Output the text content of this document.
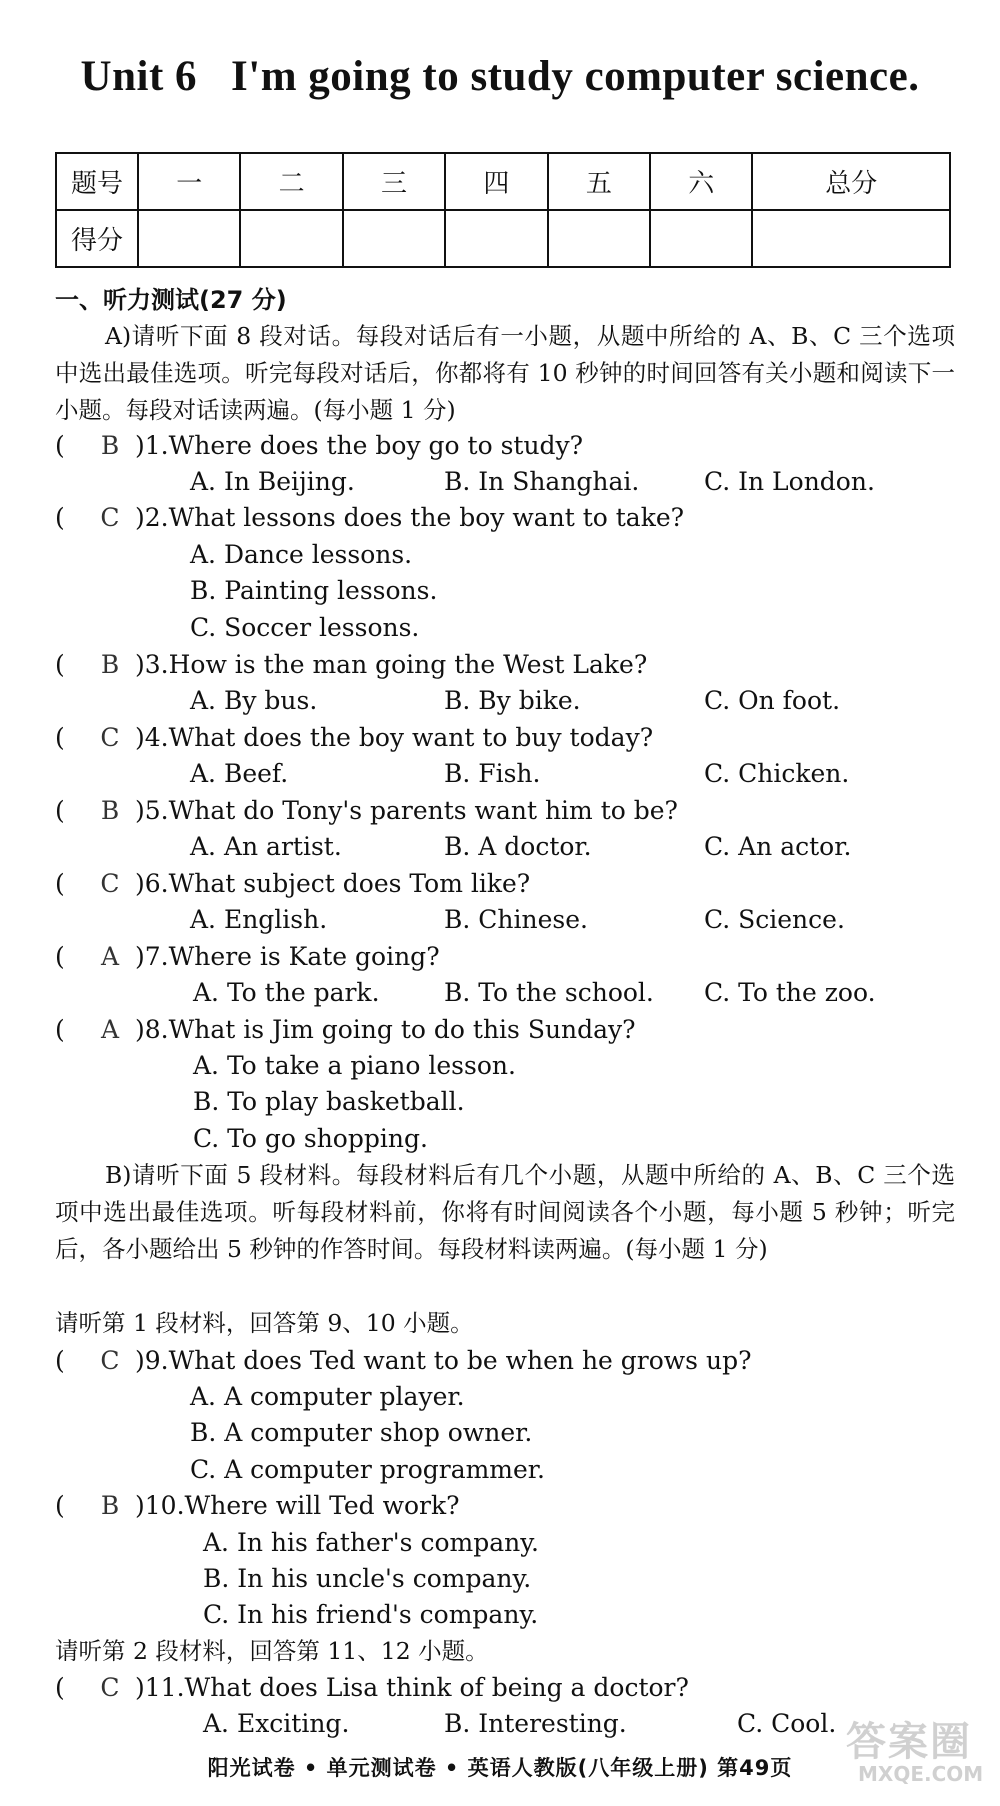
Unit 6 I'm going to study computer science.
题号	一	二	三	四	五	六	总分
得分							
一、听力测试(27 分)
A)请听下面 8 段对话。每段对话后有一小题，从题中所给的 A、B、C 三个选项中选出最佳选项。听完每段对话后，你都将有 10 秒钟的时间回答有关小题和阅读下一小题。每段对话读两遍。(每小题 1 分)
( B )1.Where does the boy go to study?
A. In Beijing.	B. In Shanghai.	C. In London.
( C )2.What lessons does the boy want to take?
A. Dance lessons.
B. Painting lessons.
C. Soccer lessons.
( B )3.How is the man going the West Lake?
A. By bus.	B. By bike.	C. On foot.
( C )4.What does the boy want to buy today?
A. Beef.	B. Fish.	C. Chicken.
( B )5.What do Tony's parents want him to be?
A. An artist.	B. A doctor.	C. An actor.
( C )6.What subject does Tom like?
A. English.	B. Chinese.	C. Science.
( A )7.Where is Kate going?
A. To the park.	B. To the school. C. To the zoo.
( A )8.What is Jim going to do this Sunday?
A. To take a piano lesson.
B. To play basketball.
C. To go shopping.
B)请听下面 5 段材料。每段材料后有几个小题，从题中所给的 A、B、C 三个选项中选出最佳选项。听每段材料前，你将有时间阅读各个小题，每小题 5 秒钟；听完后，各小题给出 5 秒钟的作答时间。每段材料读两遍。(每小题 1 分)
请听第 1 段材料，回答第 9、10 小题。
( C )9.What does Ted want to be when he grows up?
A. A computer player.
B. A computer shop owner.
C. A computer programmer.
( B )10.Where will Ted work?
A. In his father's company.
B. In his uncle's company.
C. In his friend's company.
请听第 2 段材料，回答第 11、12 小题。
( C )11.What does Lisa think of being a doctor?
A. Exciting.	B. Interesting.	C. Cool.
阳光试卷 • 单元测试卷 • 英语人教版(八年级上册) 第49页
答案圈
MXQE.COM
